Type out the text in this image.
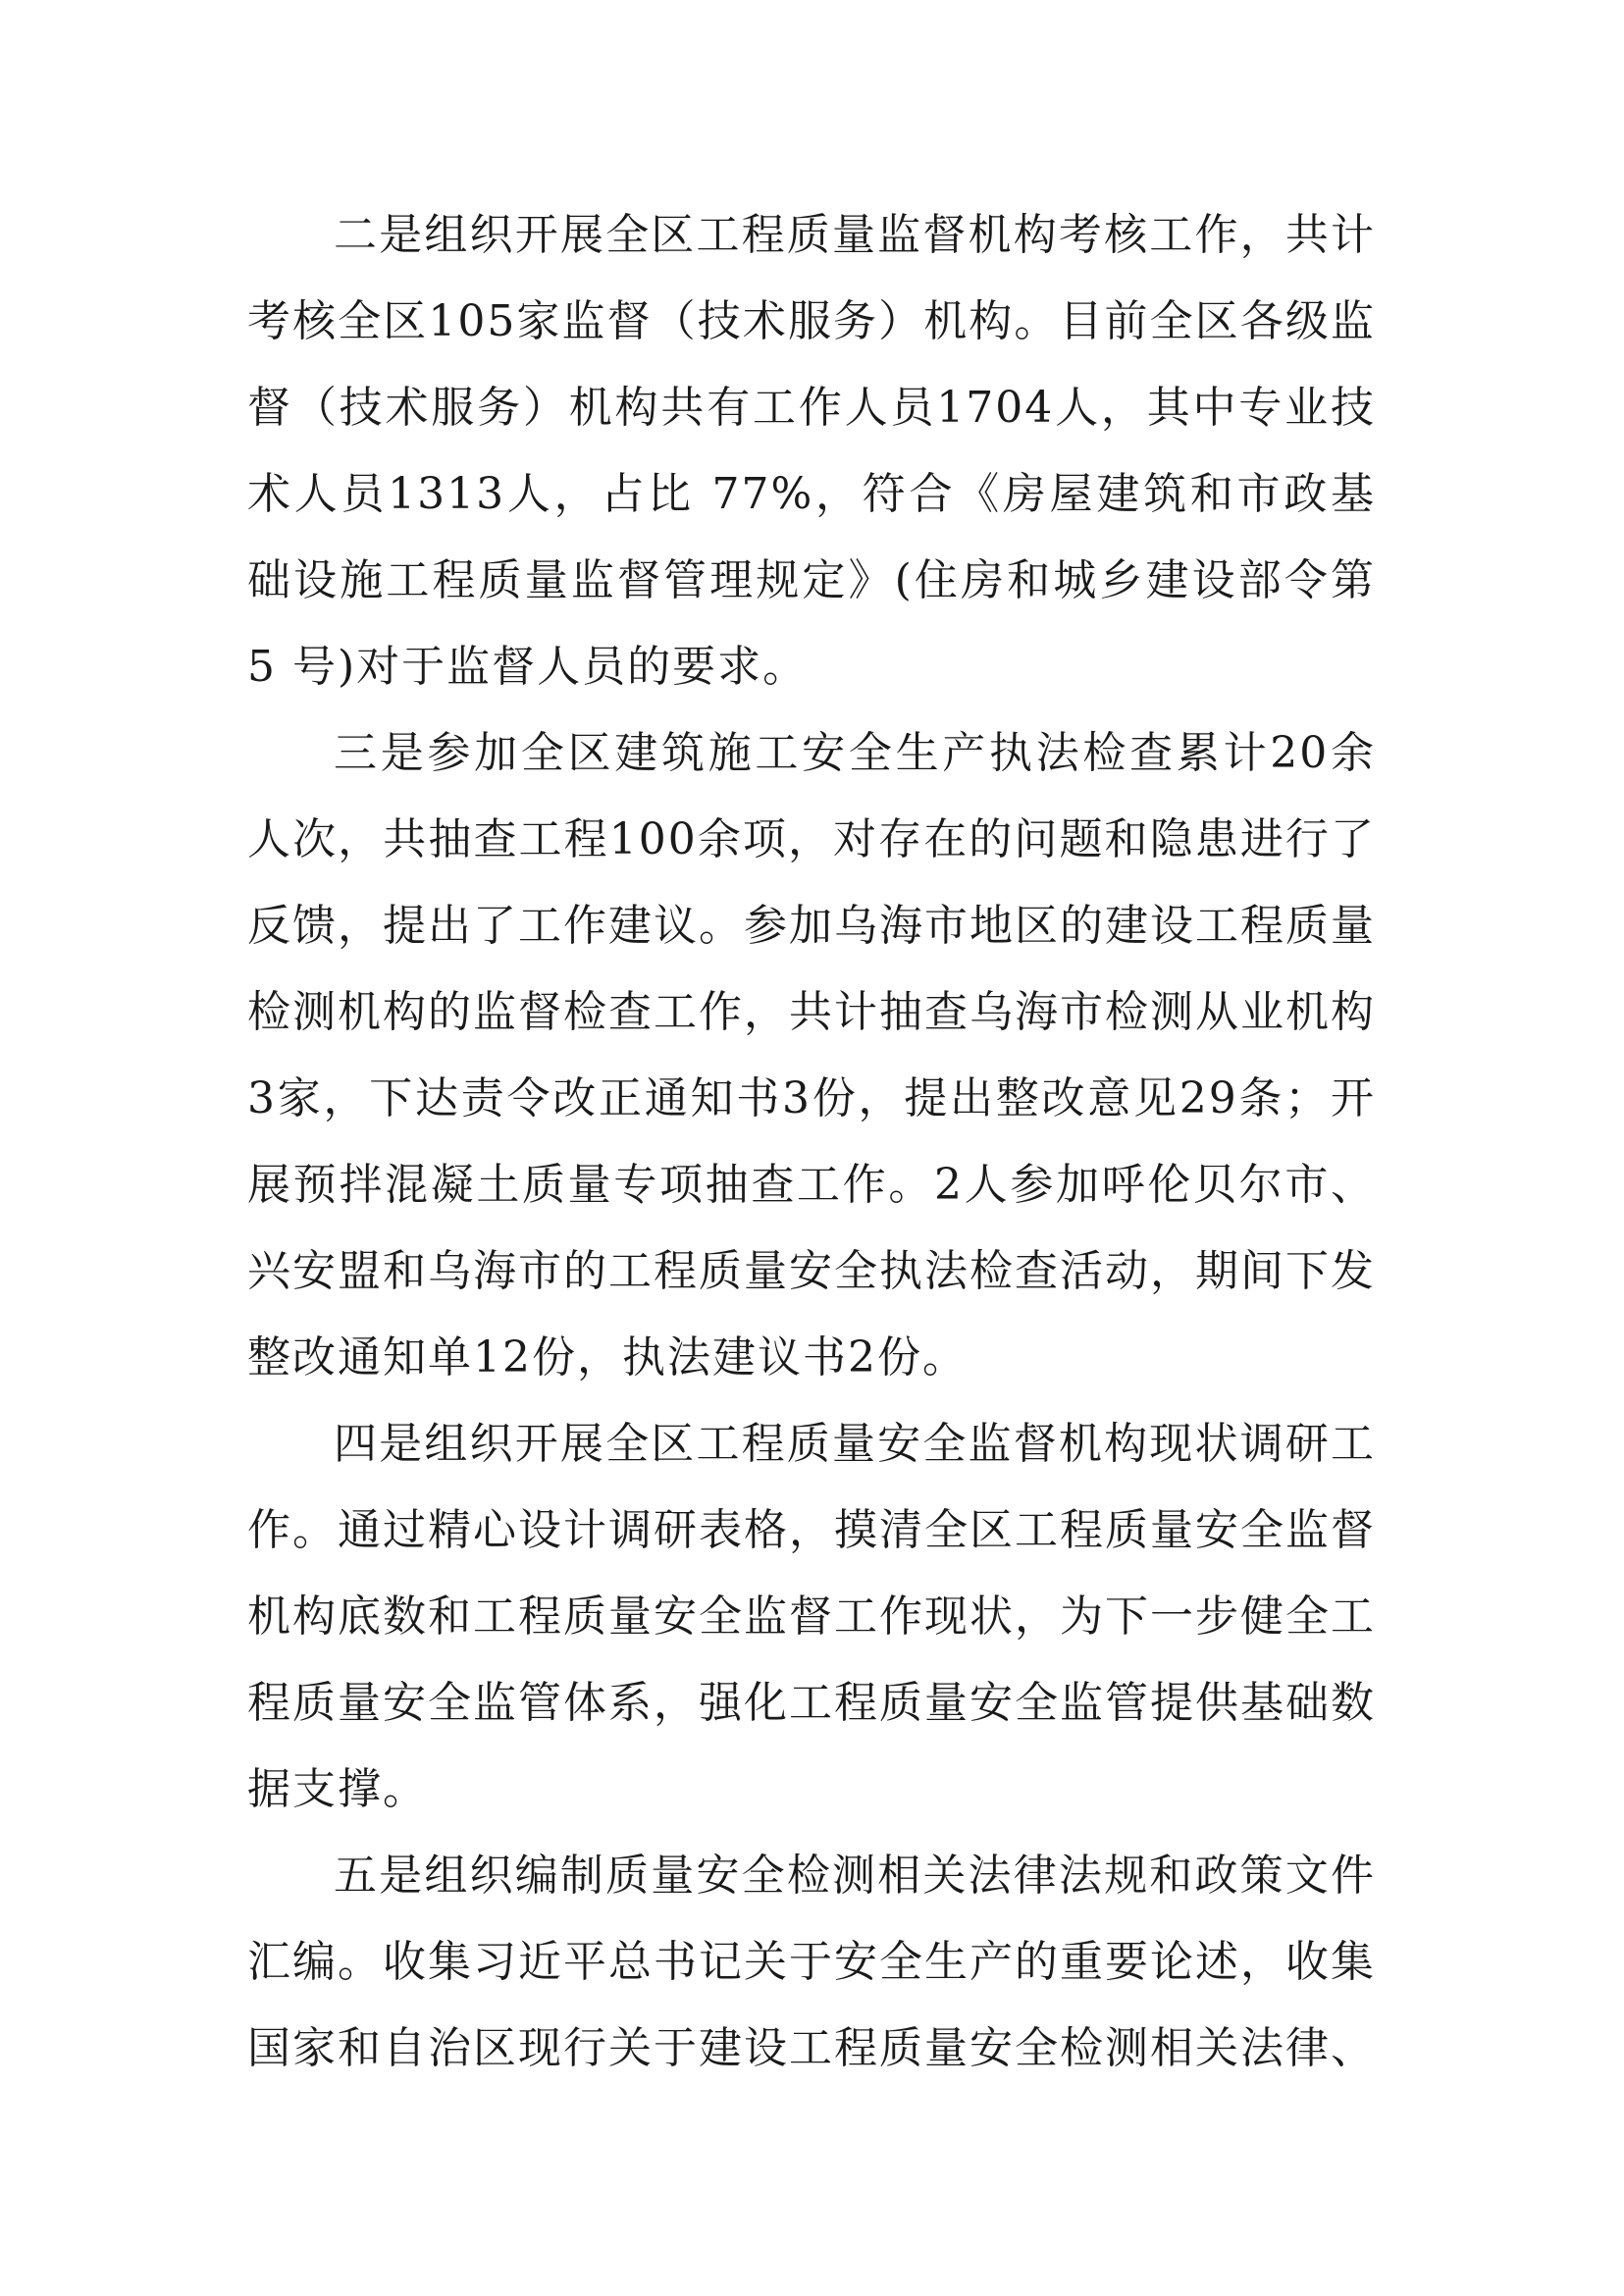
二是组织开展全区工程质量监督机构考核工作，共计考核全区105家监督（技术服务）机构。目前全区各级监督（技术服务）机构共有工作人员1704人，其中专业技术人员1313人，占比 77%，符合《房屋建筑和市政基础设施工程质量监督管理规定》(住房和城乡建设部令第 5 号)对于监督人员的要求。

三是参加全区建筑施工安全生产执法检查累计20余人次，共抽查工程100余项，对存在的问题和隐患进行了反馈，提出了工作建议。参加乌海市地区的建设工程质量检测机构的监督检查工作，共计抽查乌海市检测从业机构3家，下达责令改正通知书3份，提出整改意见29条；开展预拌混凝土质量专项抽查工作。2人参加呼伦贝尔市、兴安盟和乌海市的工程质量安全执法检查活动，期间下发整改通知单12份，执法建议书2份。

四是组织开展全区工程质量安全监督机构现状调研工作。通过精心设计调研表格，摸清全区工程质量安全监督机构底数和工程质量安全监督工作现状，为下一步健全工程质量安全监管体系，强化工程质量安全监管提供基础数据支撑。

五是组织编制质量安全检测相关法律法规和政策文件汇编。收集习近平总书记关于安全生产的重要论述，收集国家和自治区现行关于建设工程质量安全检测相关法律、
